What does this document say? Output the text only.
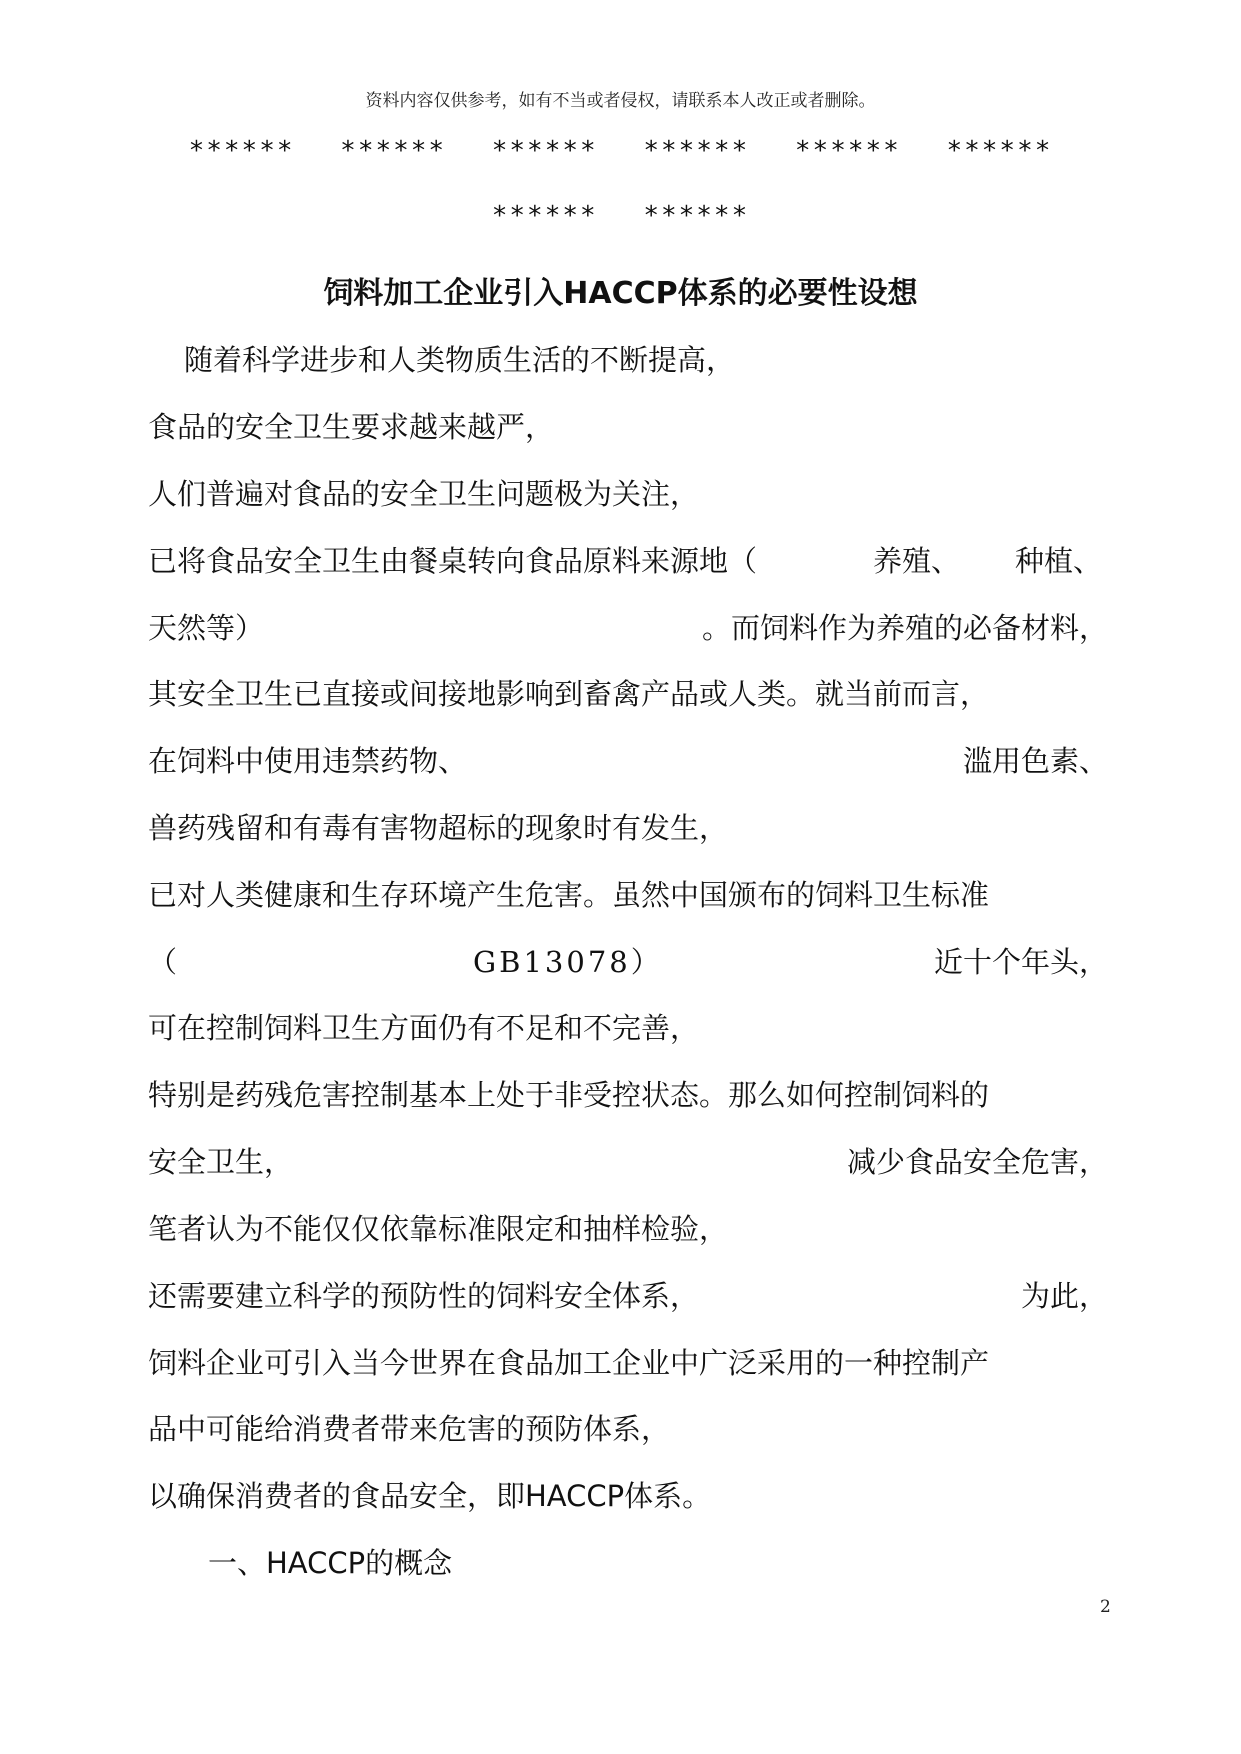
资料内容仅供参考，如有不当或者侵权，请联系本人改正或者删除。
****** ****** ****** ****** ****** ******
****** ******
饲料加工企业引入HACCP体系的必要性设想
随着科学进步和人类物质生活的不断提高，
食品的安全卫生要求越来越严，
人们普遍对食品的安全卫生问题极为关注，
已将食品安全卫生由餐桌转向食品原料来源地（	养殖、 种植、
天然等）	。而饲料作为养殖的必备材料，
其安全卫生已直接或间接地影响到畜禽产品或人类。就当前而言，
在饲料中使用违禁药物、	滥用色素、
兽药残留和有毒有害物超标的现象时有发生，
已对人类健康和生存环境产生危害。虽然中国颁布的饲料卫生标准
（	GB13078）	近十个年头，
可在控制饲料卫生方面仍有不足和不完善，
特别是药残危害控制基本上处于非受控状态。那么如何控制饲料的
安全卫生，	减少食品安全危害，
笔者认为不能仅仅依靠标准限定和抽样检验，
还需要建立科学的预防性的饲料安全体系，	为此，
饲料企业可引入当今世界在食品加工企业中广泛采用的一种控制产
品中可能给消费者带来危害的预防体系，
以确保消费者的食品安全，即HACCP体系。
一、HACCP的概念
2
